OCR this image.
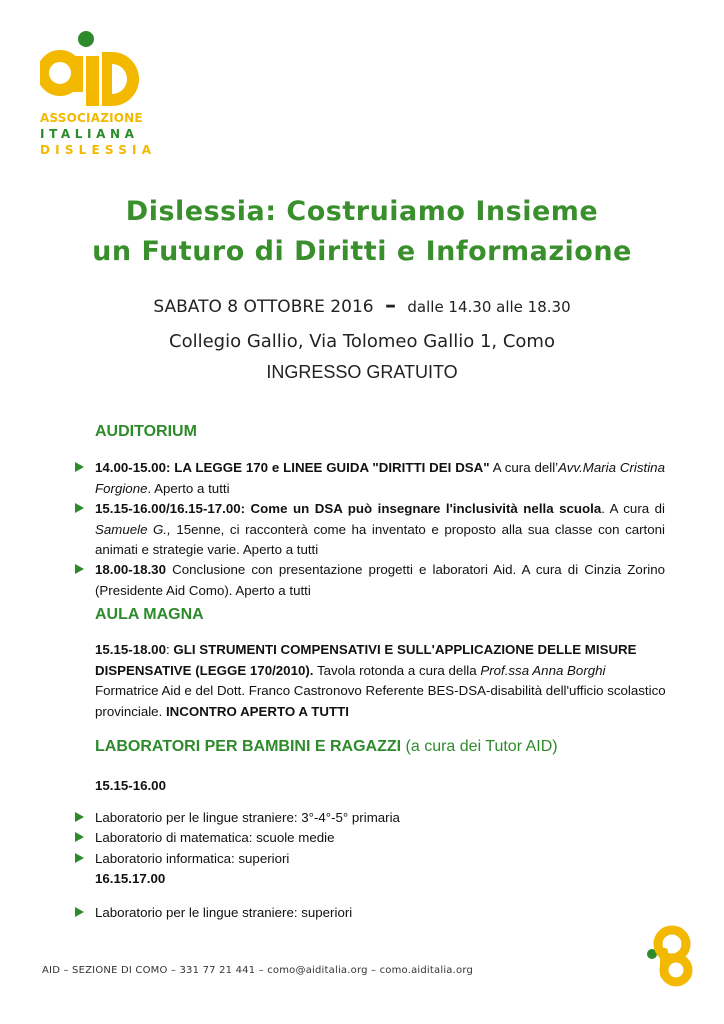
ASSOCIAZIONE
ITALIANA
DISLESSIA
Dislessia: Costruiamo Insieme
un Futuro di Diritti e Informazione
SABATO 8 OTTOBRE 2016 – dalle 14.30 alle 18.30
Collegio Gallio, Via Tolomeo Gallio 1, Como
INGRESSO GRATUITO
AUDITORIUM
14.00-15.00: LA LEGGE 170 e LINEE GUIDA "DIRITTI DEI DSA" A cura dell’Avv.Maria Cristina Forgione. Aperto a tutti
15.15-16.00/16.15-17.00: Come un DSA può insegnare l'inclusività nella scuola. A cura di Samuele G., 15enne, ci racconterà come ha inventato e proposto alla sua classe con cartoni animati e strategie varie. Aperto a tutti
18.00-18.30 Conclusione con presentazione progetti e laboratori Aid. A cura di Cinzia Zorino (Presidente Aid Como). Aperto a tutti
AULA MAGNA
15.15-18.00: GLI STRUMENTI COMPENSATIVI E SULL'APPLICAZIONE DELLE MISURE DISPENSATIVE (LEGGE 170/2010). Tavola rotonda a cura della Prof.ssa Anna Borghi Formatrice Aid e del Dott. Franco Castronovo Referente BES-DSA-disabilità dell'ufficio scolastico provinciale. INCONTRO APERTO A TUTTI
LABORATORI PER BAMBINI E RAGAZZI (a cura dei Tutor AID)
15.15-16.00
Laboratorio per le lingue straniere: 3°-4°-5° primaria
Laboratorio di matematica: scuole medie
Laboratorio informatica: superiori
16.15.17.00
Laboratorio per le lingue straniere: superiori
AID – SEZIONE DI COMO – 331 77 21 441 – como@aiditalia.org – como.aiditalia.org
